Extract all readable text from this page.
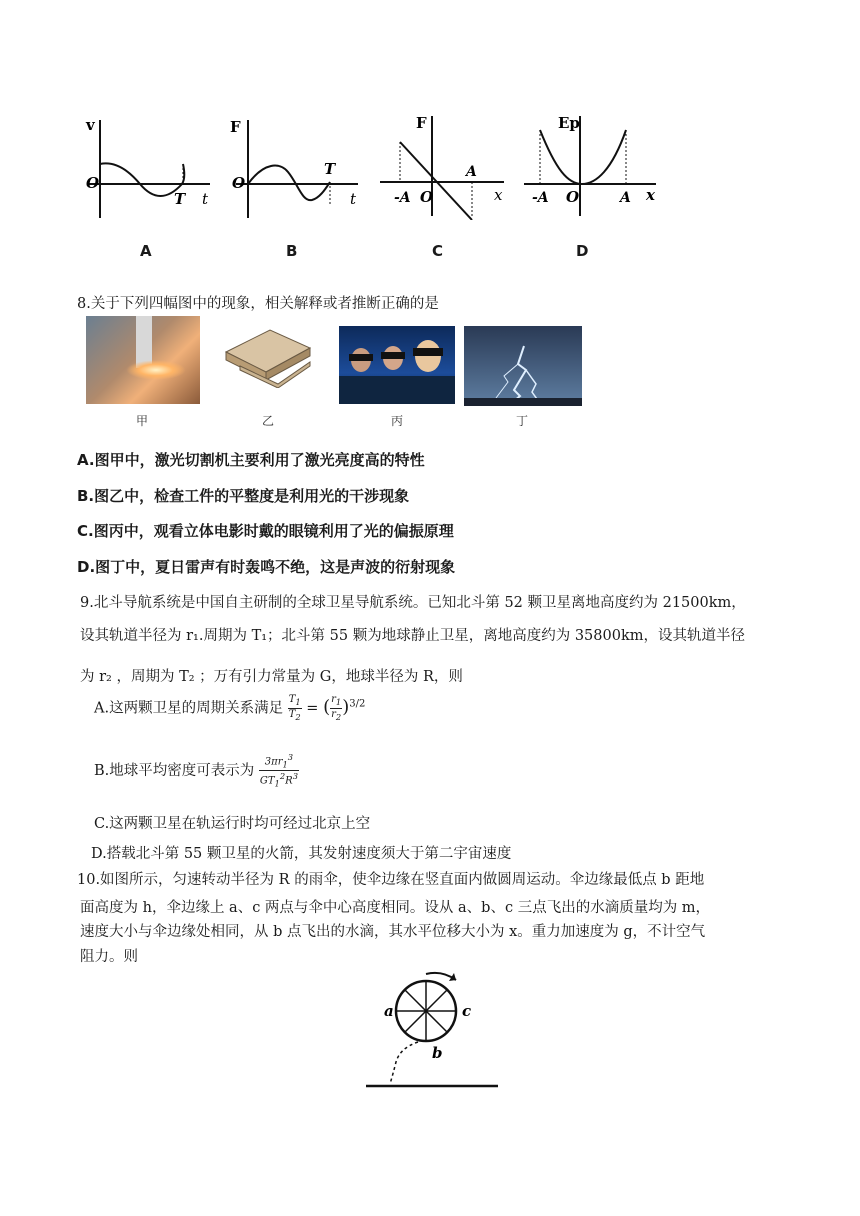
v
O
T t
A
F
O
T
t
B
F
-A O
A
x
C
Ep
-A O	A x
D
8.关于下列四幅图中的现象，相关解释或者推断正确的是
甲	乙	丙	丁
A.图甲中，激光切割机主要利用了激光亮度高的特性
B.图乙中，检查工件的平整度是利用光的干涉现象
C.图丙中，观看立体电影时戴的眼镜利用了光的偏振原理
D.图丁中，夏日雷声有时轰鸣不绝，这是声波的衍射现象
9.北斗导航系统是中国自主研制的全球卫星导航系统。已知北斗第 52 颗卫星离地高度约为 21500km，
设其轨道半径为 r₁.周期为 T₁；北斗第 55 颗为地球静止卫星，离地高度约为 35800km，设其轨道半径
为 r₂ ，周期为 T₂ ；万有引力常量为 G，地球半径为 R，则
A.这两颗卫星的周期关系满足 $\frac{T_1}{T_2}$ = ( $\frac{r_1}{r_2} )^{3/2}$
B.地球平均密度可表示为 $\frac{3\pi r_1^3}{GT_1^2R^3}$
C.这两颗卫星在轨运行时均可经过北京上空
D.搭载北斗第 55 颗卫星的火箭，其发射速度须大于第二宇宙速度
10.如图所示，匀速转动半径为 R 的雨伞，使伞边缘在竖直面内做圆周运动。伞边缘最低点 b 距地
面高度为 h，伞边缘上 a、c 两点与伞中心高度相同。设从 a、b、c 三点飞出的水滴质量均为 m，
速度大小与伞边缘处相同，从 b 点飞出的水滴，其水平位移大小为 x。重力加速度为 g，不计空气
阻力。则
a	c
b
